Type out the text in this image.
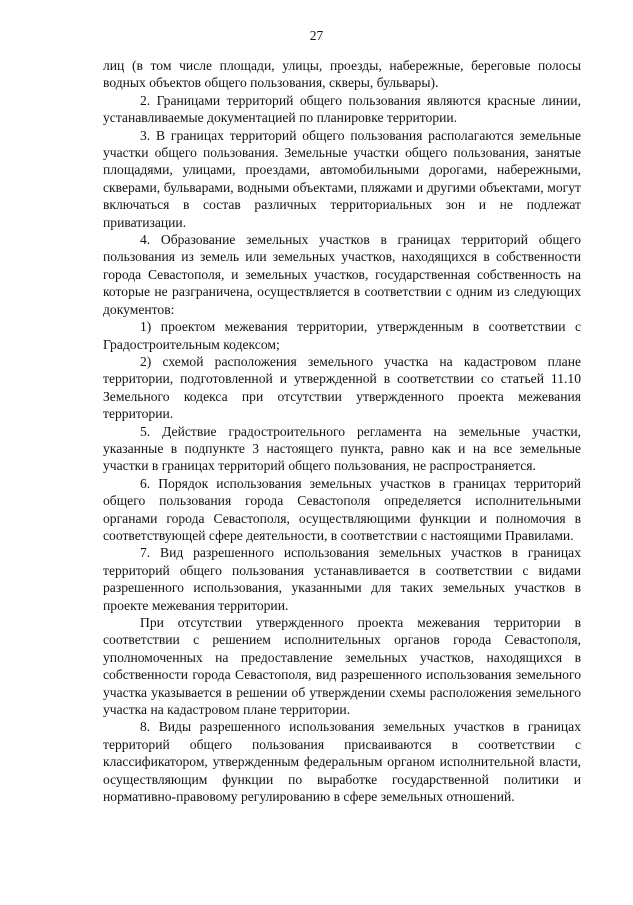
27

лиц (в том числе площади, улицы, проезды, набережные, береговые полосы водных объектов общего пользования, скверы, бульвары).

2. Границами территорий общего пользования являются красные линии, устанавливаемые документацией по планировке территории.

3. В границах территорий общего пользования располагаются земельные участки общего пользования. Земельные участки общего пользования, занятые площадями, улицами, проездами, автомобильными дорогами, набережными, скверами, бульварами, водными объектами, пляжами и другими объектами, могут включаться в состав различных территориальных зон и не подлежат приватизации.

4. Образование земельных участков в границах территорий общего пользования из земель или земельных участков, находящихся в собственности города Севастополя, и земельных участков, государственная собственность на которые не разграничена, осуществляется в соответствии с одним из следующих документов:

1) проектом межевания территории, утвержденным в соответствии с Градостроительным кодексом;

2) схемой расположения земельного участка на кадастровом плане территории, подготовленной и утвержденной в соответствии со статьей 11.10 Земельного кодекса при отсутствии утвержденного проекта межевания территории.

5. Действие градостроительного регламента на земельные участки, указанные в подпункте 3 настоящего пункта, равно как и на все земельные участки в границах территорий общего пользования, не распространяется.

6. Порядок использования земельных участков в границах территорий общего пользования города Севастополя определяется исполнительными органами города Севастополя, осуществляющими функции и полномочия в соответствующей сфере деятельности, в соответствии с настоящими Правилами.

7. Вид разрешенного использования земельных участков в границах территорий общего пользования устанавливается в соответствии с видами разрешенного использования, указанными для таких земельных участков в проекте межевания территории.

При отсутствии утвержденного проекта межевания территории в соответствии с решением исполнительных органов города Севастополя, уполномоченных на предоставление земельных участков, находящихся в собственности города Севастополя, вид разрешенного использования земельного участка указывается в решении об утверждении схемы расположения земельного участка на кадастровом плане территории.

8. Виды разрешенного использования земельных участков в границах территорий общего пользования присваиваются в соответствии с классификатором, утвержденным федеральным органом исполнительной власти, осуществляющим функции по выработке государственной политики и нормативно-правовому регулированию в сфере земельных отношений.
